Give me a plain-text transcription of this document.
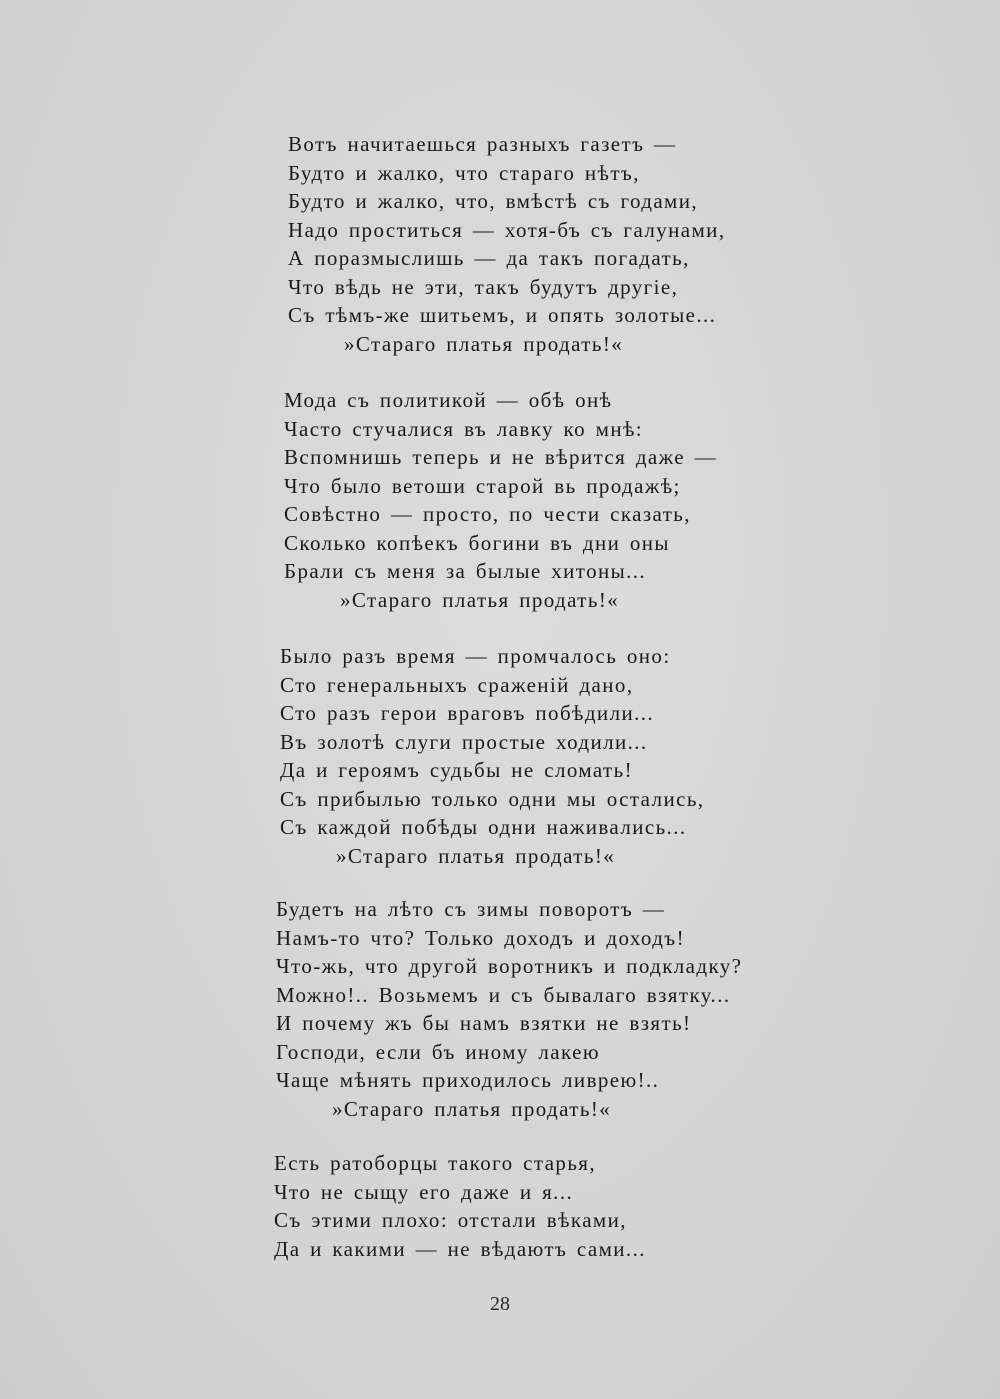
Вотъ начитаешься разныхъ газетъ —
Будто и жалко, что стараго нѣтъ,
Будто и жалко, что, вмѣстѣ съ годами,
Надо проститься — хотя-бъ съ галунами,
А поразмыслишь — да такъ погадать,
Что вѣдь не эти, такъ будутъ другіе,
Съ тѣмъ-же шитьемъ, и опять золотые...
»Стараго платья продать!«
Мода съ политикой — обѣ онѣ
Часто стучалися въ лавку ко мнѣ:
Вспомнишь теперь и не вѣрится даже —
Что было ветоши старой вь продажѣ;
Совѣстно — просто, по чести сказать,
Сколько копѣекъ богини въ дни оны
Брали съ меня за былые хитоны...
»Стараго платья продать!«
Было разъ время — промчалось оно:
Сто генеральныхъ сраженій дано,
Сто разъ герои враговъ побѣдили...
Въ золотѣ слуги простые ходили...
Да и героямъ судьбы не сломать!
Съ прибылью только одни мы остались,
Съ каждой побѣды одни наживались...
»Стараго платья продать!«
Будетъ на лѣто съ зимы поворотъ —
Намъ-то что? Только доходъ и доходъ!
Что-жь, что другой воротникъ и подкладку?
Можно!.. Возьмемъ и съ бывалаго взятку...
И почему жъ бы намъ взятки не взять!
Господи, если бъ иному лакею
Чаще мѣнять приходилось ливрею!..
»Стараго платья продать!«
Есть ратоборцы такого старья,
Что не сыщу его даже и я...
Съ этими плохо: отстали вѣками,
Да и какими — не вѣдаютъ сами...
28
